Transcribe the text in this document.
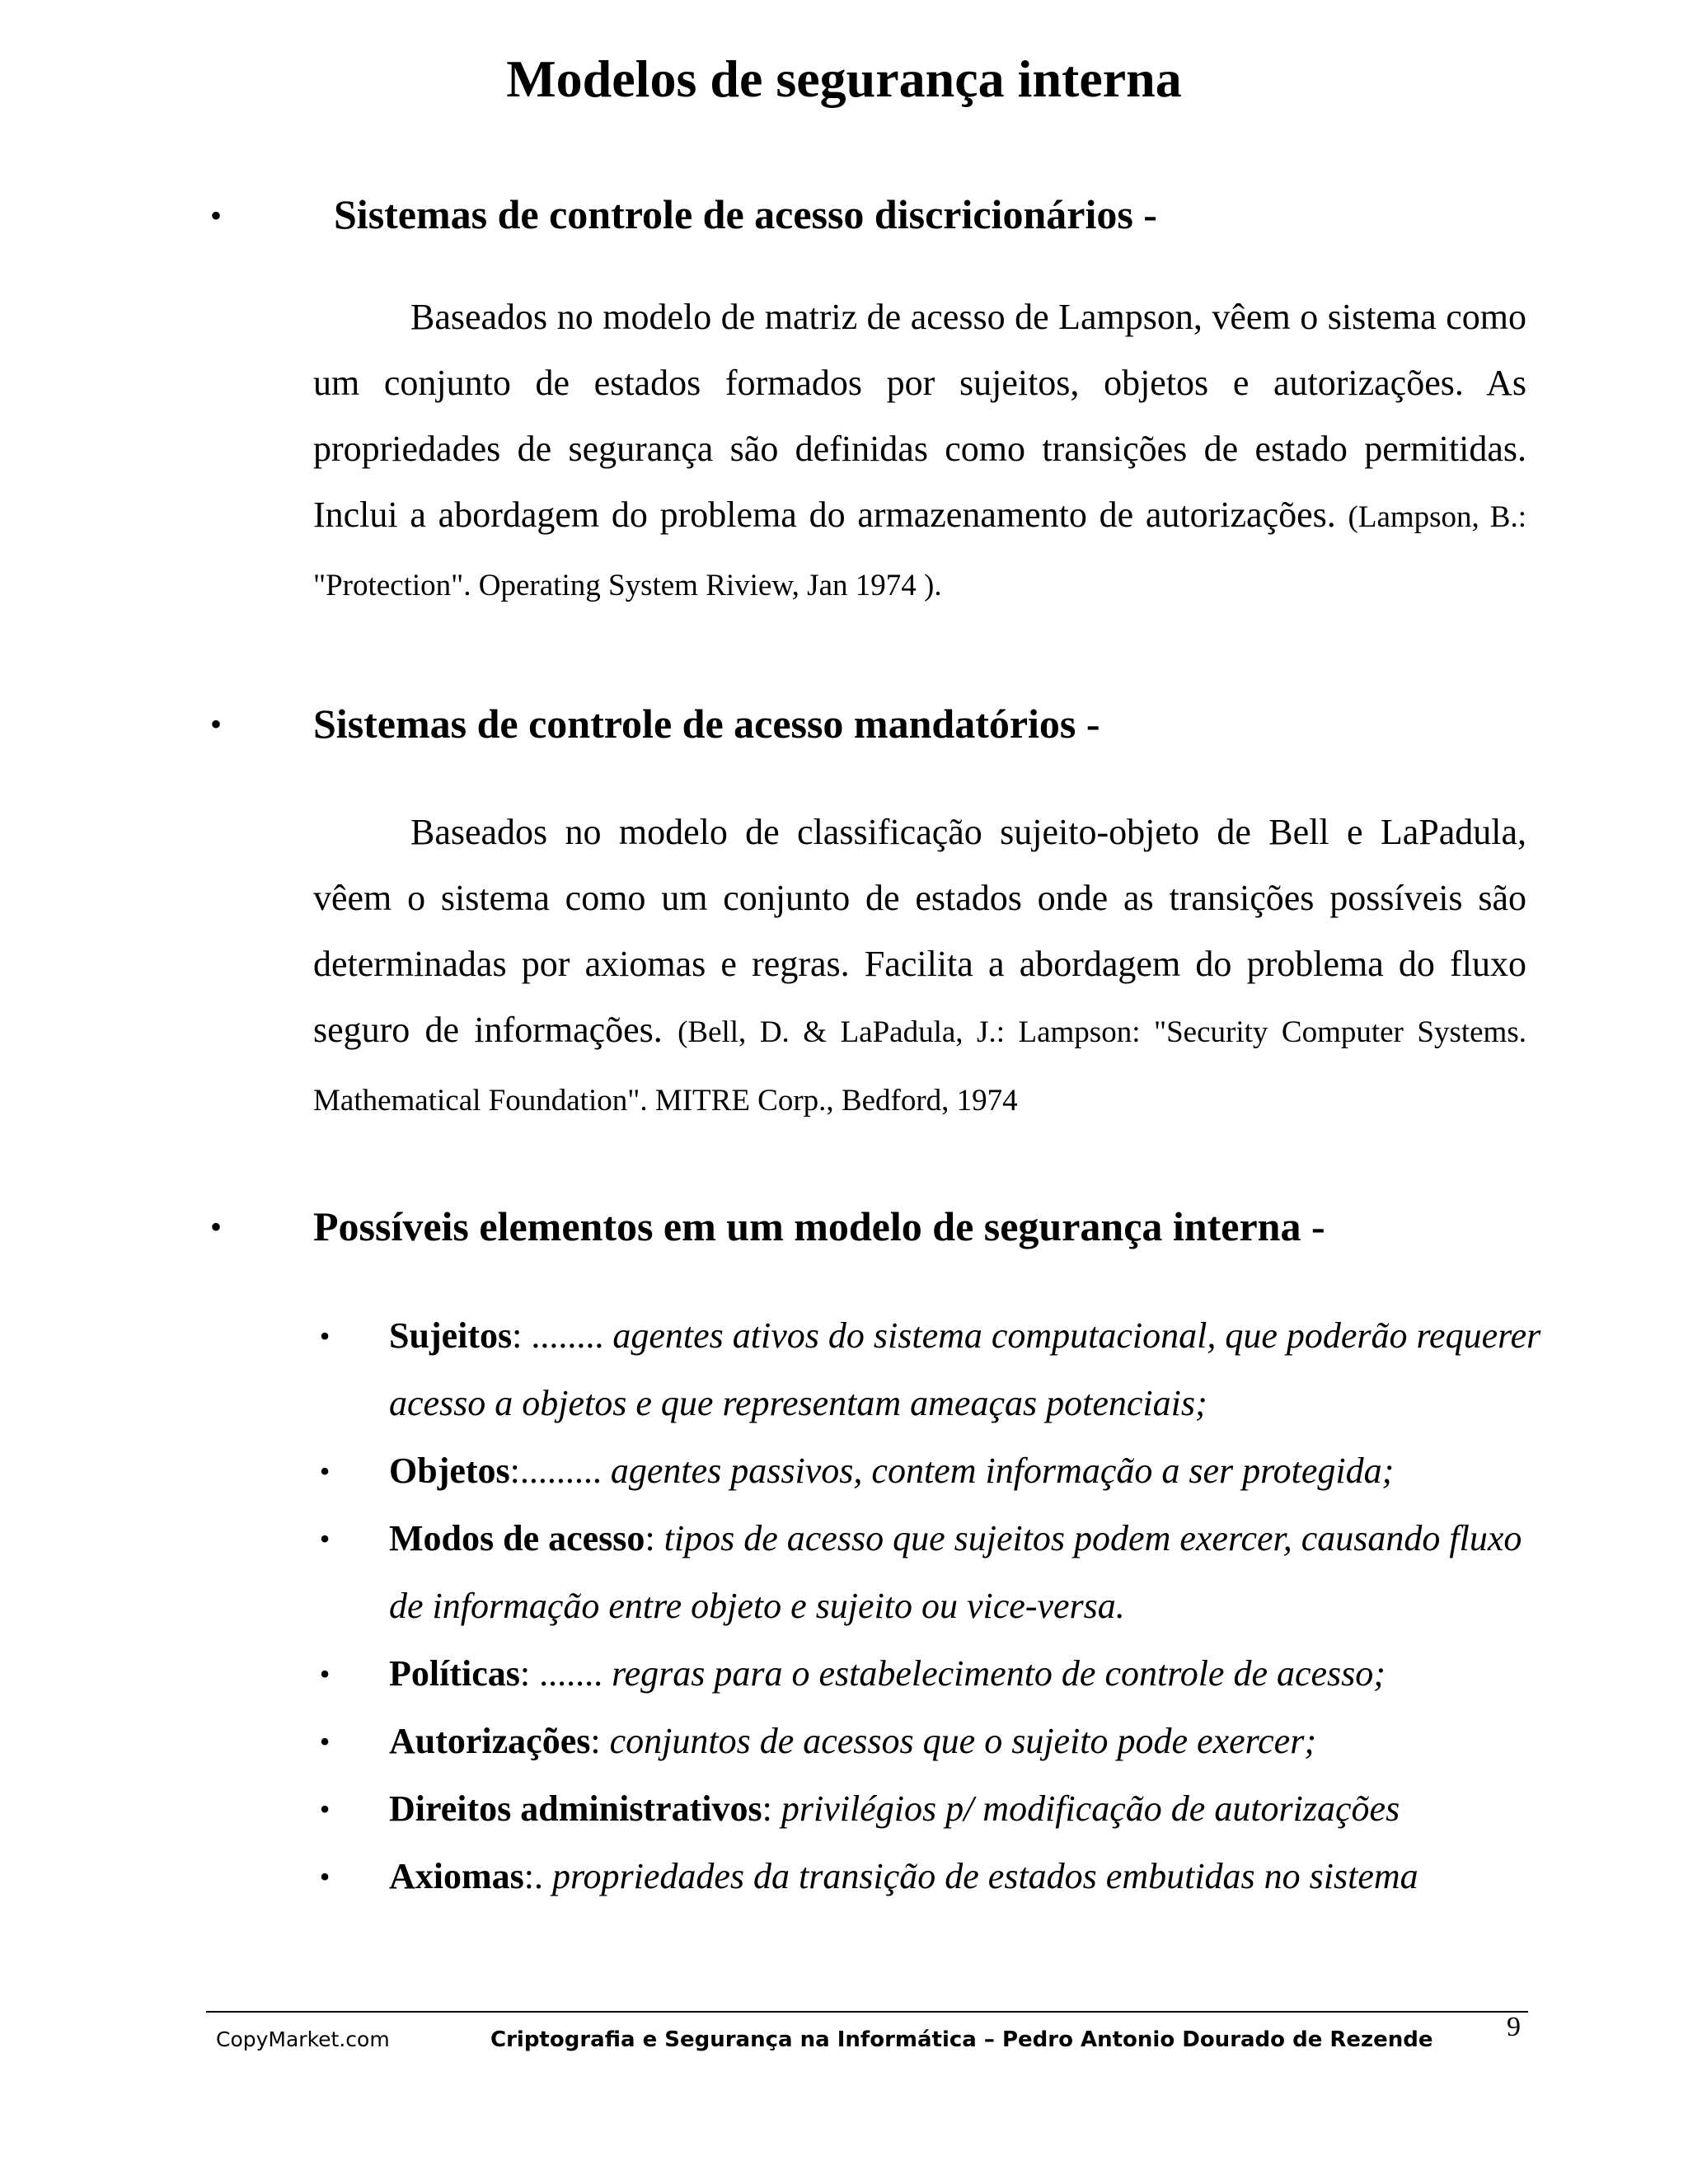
Modelos de segurança interna
•	Sistemas de controle de acesso discricionários -

Baseados no modelo de matriz de acesso de Lampson, vêem o sistema como um conjunto de estados formados por sujeitos, objetos e autorizações. As propriedades de segurança são definidas como transições de estado permitidas. Inclui a abordagem do problema do armazenamento de autorizações. (Lampson, B.: "Protection". Operating System Riview, Jan 1974 ).

• Sistemas de controle de acesso mandatórios -

Baseados no modelo de classificação sujeito-objeto de Bell e LaPadula, vêem o sistema como um conjunto de estados onde as transições possíveis são determinadas por axiomas e regras. Facilita a abordagem do problema do fluxo seguro de informações. (Bell, D. & LaPadula, J.: Lampson: "Security Computer Systems. Mathematical Foundation". MITRE Corp., Bedford, 1974

• Possíveis elementos em um modelo de segurança interna -
• Sujeitos: ........ agentes ativos do sistema computacional, que poderão requerer acesso a objetos e que representam ameaças potenciais;
• Objetos:......... agentes passivos, contem informação a ser protegida;
• Modos de acesso: tipos de acesso que sujeitos podem exercer, causando fluxo de informação entre objeto e sujeito ou vice-versa.
• Políticas: ....... regras para o estabelecimento de controle de acesso;
• Autorizações: conjuntos de acessos que o sujeito pode exercer;
• Direitos administrativos: privilégios p/ modificação de autorizações
• Axiomas:. propriedades da transição de estados embutidas no sistema
9
CopyMarket.com	Criptografia e Segurança na Informática – Pedro Antonio Dourado de Rezende
